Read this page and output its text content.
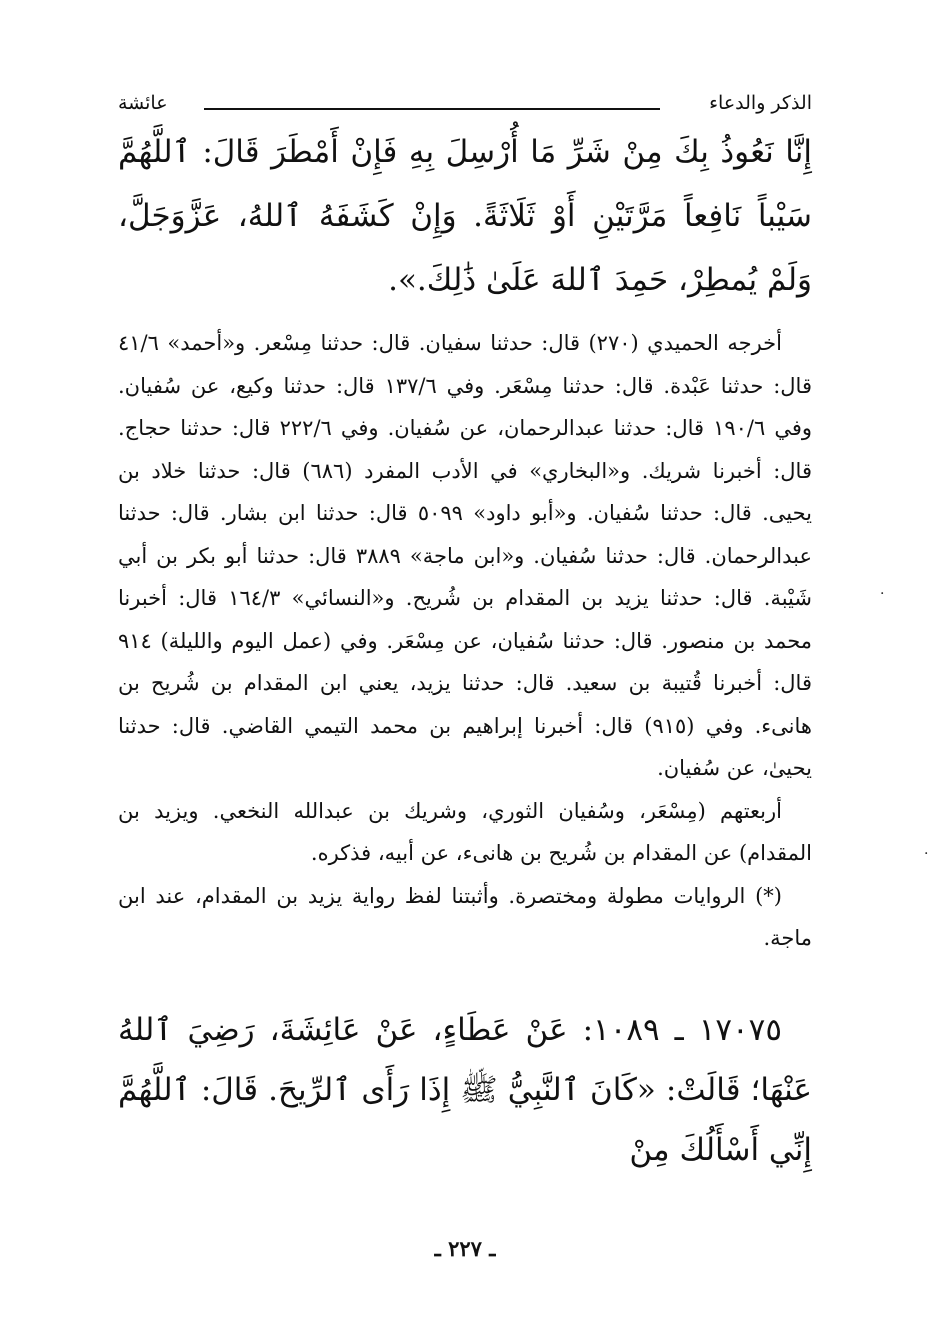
الذكر والدعاء
عائشة

إِنَّا نَعُوذُ بِكَ مِنْ شَرِّ مَا أُرْسِلَ بِهِ فَإِنْ أَمْطَرَ قَالَ: ٱللَّهُمَّ سَيْباً نَافِعاً مَرَّتَيْنِ أَوْ ثَلَاثَةً. وَإِنْ كَشَفَهُ ٱللهُ، عَزَّوَجَلَّ، وَلَمْ يُمطِرْ، حَمِدَ ٱللهَ عَلَىٰ ذَٰلِكَ.».

أخرجه الحميدي (٢٧٠) قال: حدثنا سفيان. قال: حدثنا مِسْعر. و«أحمد» ٤١/٦ قال: حدثنا عَبْدة. قال: حدثنا مِسْعَر. وفي ١٣٧/٦ قال: حدثنا وكيع، عن سُفيان. وفي ١٩٠/٦ قال: حدثنا عبدالرحمان، عن سُفيان. وفي ٢٢٢/٦ قال: حدثنا حجاج. قال: أخبرنا شريك. و«البخاري» في الأدب المفرد (٦٨٦) قال: حدثنا خلاد بن يحيى. قال: حدثنا سُفيان. و«أبو داود» ٥٠٩٩ قال: حدثنا ابن بشار. قال: حدثنا عبدالرحمان. قال: حدثنا سُفيان. و«ابن ماجة» ٣٨٨٩ قال: حدثنا أبو بكر بن أبي شَيْبة. قال: حدثنا يزيد بن المقدام بن شُريح. و«النسائي» ١٦٤/٣ قال: أخبرنا محمد بن منصور. قال: حدثنا سُفيان، عن مِسْعَر. وفي (عمل اليوم والليلة) ٩١٤ قال: أخبرنا قُتيبة بن سعيد. قال: حدثنا يزيد، يعني ابن المقدام بن شُريح بن هانىء. وفي (٩١٥) قال: أخبرنا إبراهيم بن محمد التيمي القاضي. قال: حدثنا يحيىٰ، عن سُفيان.

أربعتهم (مِسْعَر، وسُفيان الثوري، وشريك بن عبدالله النخعي. ويزيد بن المقدام) عن المقدام بن شُريح بن هانىء، عن أبيه، فذكره.

(*) الروايات مطولة ومختصرة. وأثبتنا لفظ رواية يزيد بن المقدام، عند ابن ماجة.

١٧٠٧٥ ـ ١٠٨٩: عَنْ عَطَاءٍ، عَنْ عَائِشَةَ، رَضِيَ ٱللهُ عَنْهَا؛ قَالَتْ: «كَانَ ٱلنَّبِيُّ ﷺ إِذَا رَأَى ٱلرِّيحَ. قَالَ: ٱللَّهُمَّ إِنِّي أَسْأَلُكَ مِنْ

ـ ٢٢٧ ـ
·
·
